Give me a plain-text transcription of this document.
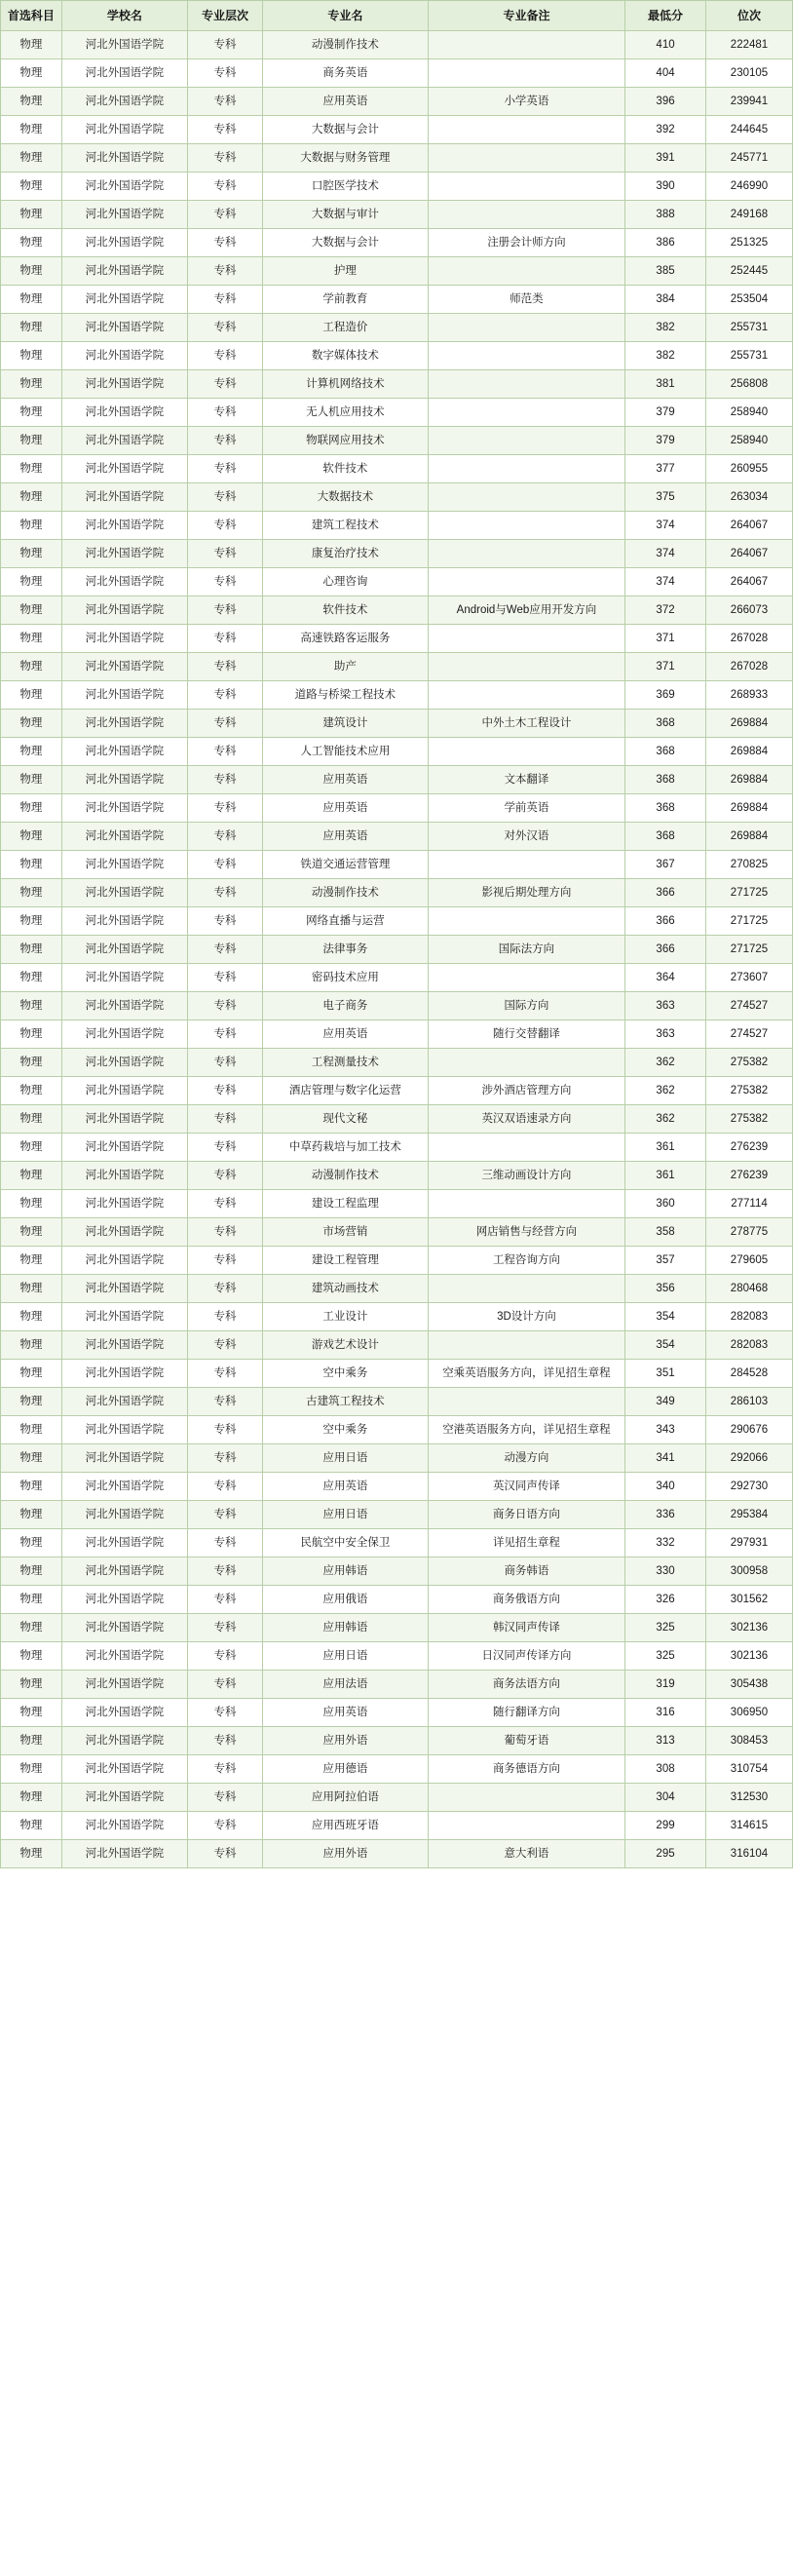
首选科目	学校名	专业层次	专业名	专业备注	最低分	位次
物理	河北外国语学院	专科	动漫制作技术		410	222481
物理	河北外国语学院	专科	商务英语		404	230105
物理	河北外国语学院	专科	应用英语	小学英语	396	239941
物理	河北外国语学院	专科	大数据与会计		392	244645
物理	河北外国语学院	专科	大数据与财务管理		391	245771
物理	河北外国语学院	专科	口腔医学技术		390	246990
物理	河北外国语学院	专科	大数据与审计		388	249168
物理	河北外国语学院	专科	大数据与会计	注册会计师方向	386	251325
物理	河北外国语学院	专科	护理		385	252445
物理	河北外国语学院	专科	学前教育	师范类	384	253504
物理	河北外国语学院	专科	工程造价		382	255731
物理	河北外国语学院	专科	数字媒体技术		382	255731
物理	河北外国语学院	专科	计算机网络技术		381	256808
物理	河北外国语学院	专科	无人机应用技术		379	258940
物理	河北外国语学院	专科	物联网应用技术		379	258940
物理	河北外国语学院	专科	软件技术		377	260955
物理	河北外国语学院	专科	大数据技术		375	263034
物理	河北外国语学院	专科	建筑工程技术		374	264067
物理	河北外国语学院	专科	康复治疗技术		374	264067
物理	河北外国语学院	专科	心理咨询		374	264067
物理	河北外国语学院	专科	软件技术	Android与Web应用开发方向	372	266073
物理	河北外国语学院	专科	高速铁路客运服务		371	267028
物理	河北外国语学院	专科	助产		371	267028
物理	河北外国语学院	专科	道路与桥梁工程技术		369	268933
物理	河北外国语学院	专科	建筑设计	中外土木工程设计	368	269884
物理	河北外国语学院	专科	人工智能技术应用		368	269884
物理	河北外国语学院	专科	应用英语	文本翻译	368	269884
物理	河北外国语学院	专科	应用英语	学前英语	368	269884
物理	河北外国语学院	专科	应用英语	对外汉语	368	269884
物理	河北外国语学院	专科	铁道交通运营管理		367	270825
物理	河北外国语学院	专科	动漫制作技术	影视后期处理方向	366	271725
物理	河北外国语学院	专科	网络直播与运营		366	271725
物理	河北外国语学院	专科	法律事务	国际法方向	366	271725
物理	河北外国语学院	专科	密码技术应用		364	273607
物理	河北外国语学院	专科	电子商务	国际方向	363	274527
物理	河北外国语学院	专科	应用英语	随行交替翻译	363	274527
物理	河北外国语学院	专科	工程测量技术		362	275382
物理	河北外国语学院	专科	酒店管理与数字化运营	涉外酒店管理方向	362	275382
物理	河北外国语学院	专科	现代文秘	英汉双语速录方向	362	275382
物理	河北外国语学院	专科	中草药栽培与加工技术		361	276239
物理	河北外国语学院	专科	动漫制作技术	三维动画设计方向	361	276239
物理	河北外国语学院	专科	建设工程监理		360	277114
物理	河北外国语学院	专科	市场营销	网店销售与经营方向	358	278775
物理	河北外国语学院	专科	建设工程管理	工程咨询方向	357	279605
物理	河北外国语学院	专科	建筑动画技术		356	280468
物理	河北外国语学院	专科	工业设计	3D设计方向	354	282083
物理	河北外国语学院	专科	游戏艺术设计		354	282083
物理	河北外国语学院	专科	空中乘务	空乘英语服务方向，详见招生章程	351	284528
物理	河北外国语学院	专科	古建筑工程技术		349	286103
物理	河北外国语学院	专科	空中乘务	空港英语服务方向，详见招生章程	343	290676
物理	河北外国语学院	专科	应用日语	动漫方向	341	292066
物理	河北外国语学院	专科	应用英语	英汉同声传译	340	292730
物理	河北外国语学院	专科	应用日语	商务日语方向	336	295384
物理	河北外国语学院	专科	民航空中安全保卫	详见招生章程	332	297931
物理	河北外国语学院	专科	应用韩语	商务韩语	330	300958
物理	河北外国语学院	专科	应用俄语	商务俄语方向	326	301562
物理	河北外国语学院	专科	应用韩语	韩汉同声传译	325	302136
物理	河北外国语学院	专科	应用日语	日汉同声传译方向	325	302136
物理	河北外国语学院	专科	应用法语	商务法语方向	319	305438
物理	河北外国语学院	专科	应用英语	随行翻译方向	316	306950
物理	河北外国语学院	专科	应用外语	葡萄牙语	313	308453
物理	河北外国语学院	专科	应用德语	商务德语方向	308	310754
物理	河北外国语学院	专科	应用阿拉伯语		304	312530
物理	河北外国语学院	专科	应用西班牙语		299	314615
物理	河北外国语学院	专科	应用外语	意大利语	295	316104
